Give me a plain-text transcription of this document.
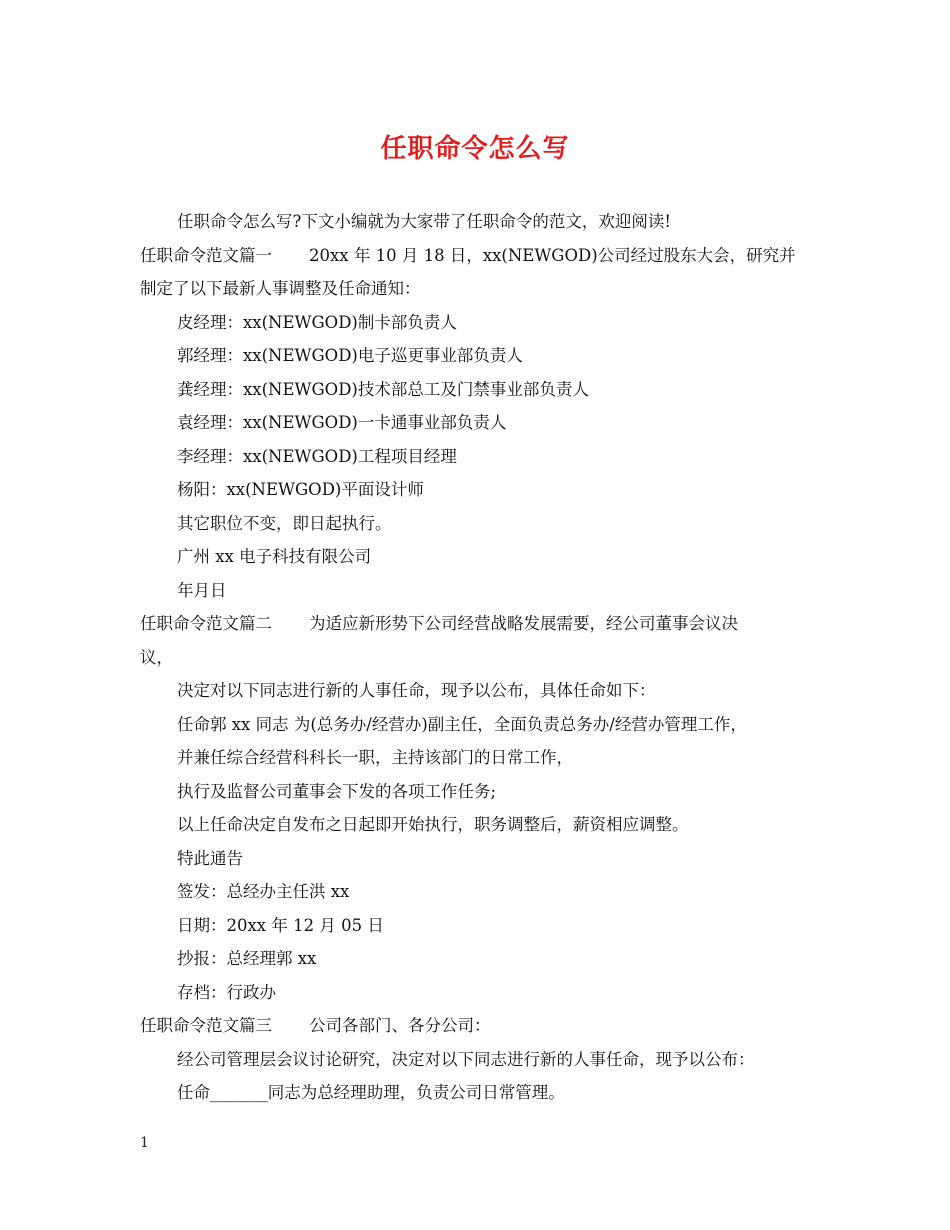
任职命令怎么写
任职命令怎么写?下文小编就为大家带了任职命令的范文，欢迎阅读!
任职命令范文篇一 20xx 年 10 月 18 日，xx(NEWGOD)公司经过股东大会，研究并
制定了以下最新人事调整及任命通知：
皮经理：xx(NEWGOD)制卡部负责人
郭经理：xx(NEWGOD)电子巡更事业部负责人
龚经理：xx(NEWGOD)技术部总工及门禁事业部负责人
袁经理：xx(NEWGOD)一卡通事业部负责人
李经理：xx(NEWGOD)工程项目经理
杨阳：xx(NEWGOD)平面设计师
其它职位不变，即日起执行。
广州 xx 电子科技有限公司
年月日
任职命令范文篇二 为适应新形势下公司经营战略发展需要，经公司董事会议决
议，
决定对以下同志进行新的人事任命，现予以公布，具体任命如下：
任命郭 xx 同志 为(总务办/经营办)副主任，全面负责总务办/经营办管理工作，
并兼任综合经营科科长一职，主持该部门的日常工作，
执行及监督公司董事会下发的各项工作任务;
以上任命决定自发布之日起即开始执行，职务调整后，薪资相应调整。
特此通告
签发：总经办主任洪 xx
日期：20xx 年 12 月 05 日
抄报：总经理郭 xx
存档：行政办
任职命令范文篇三 公司各部门、各分公司：
经公司管理层会议讨论研究，决定对以下同志进行新的人事任命，现予以公布：
任命_______同志为总经理助理，负责公司日常管理。
1
